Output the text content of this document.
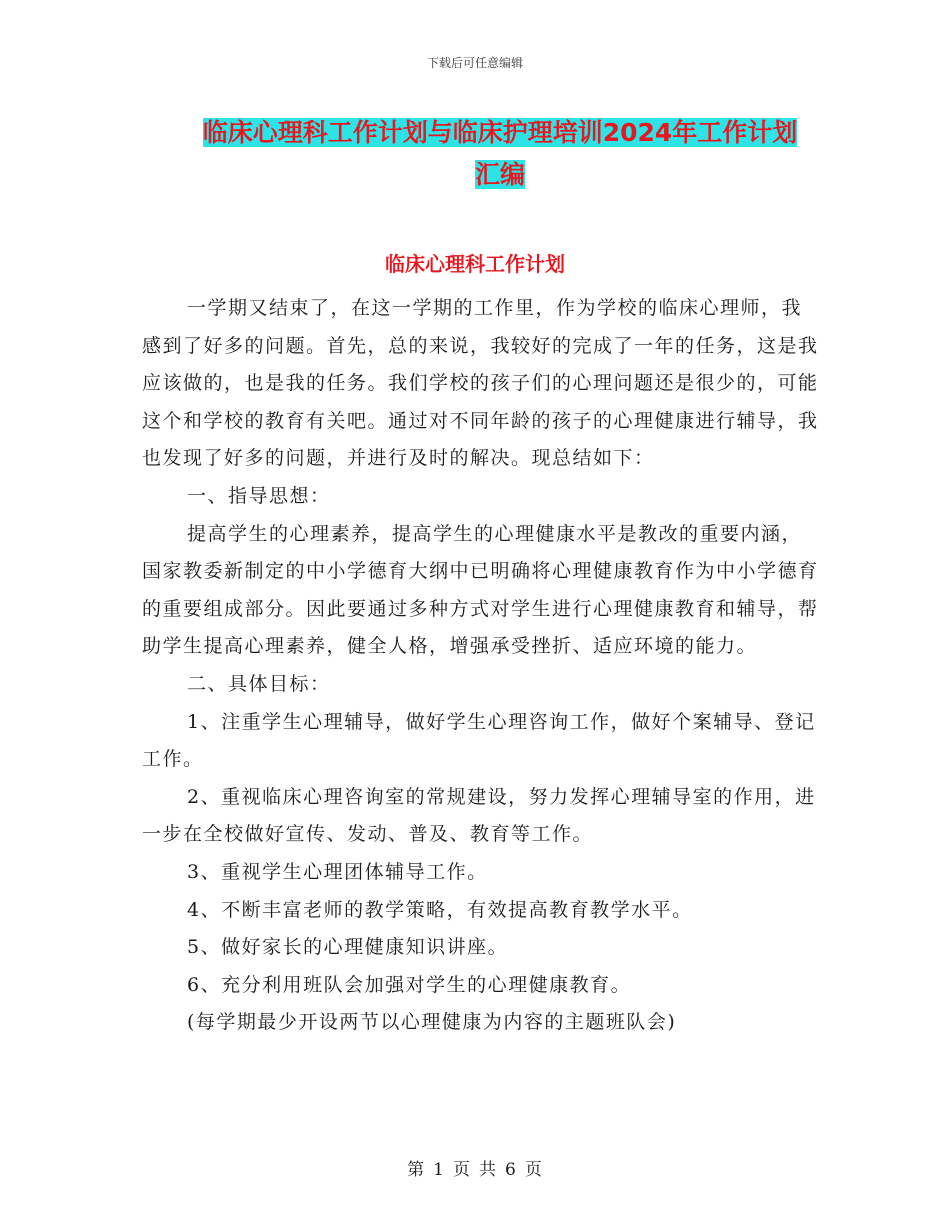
下载后可任意编辑
临床心理科工作计划与临床护理培训2024年工作计划
汇编
临床心理科工作计划

一学期又结束了，在这一学期的工作里，作为学校的临床心理师，我感到了好多的问题。首先，总的来说，我较好的完成了一年的任务，这是我应该做的，也是我的任务。我们学校的孩子们的心理问题还是很少的，可能这个和学校的教育有关吧。通过对不同年龄的孩子的心理健康进行辅导，我也发现了好多的问题，并进行及时的解决。现总结如下：

一、指导思想：

提高学生的心理素养，提高学生的心理健康水平是教改的重要内涵，国家教委新制定的中小学德育大纲中已明确将心理健康教育作为中小学德育的重要组成部分。因此要通过多种方式对学生进行心理健康教育和辅导，帮助学生提高心理素养，健全人格，增强承受挫折、适应环境的能力。

二、具体目标：

1、注重学生心理辅导，做好学生心理咨询工作，做好个案辅导、登记工作。

2、重视临床心理咨询室的常规建设，努力发挥心理辅导室的作用，进一步在全校做好宣传、发动、普及、教育等工作。

3、重视学生心理团体辅导工作。

4、不断丰富老师的教学策略，有效提高教育教学水平。

5、做好家长的心理健康知识讲座。

6、充分利用班队会加强对学生的心理健康教育。

(每学期最少开设两节以心理健康为内容的主题班队会)

第 1 页 共 6 页
